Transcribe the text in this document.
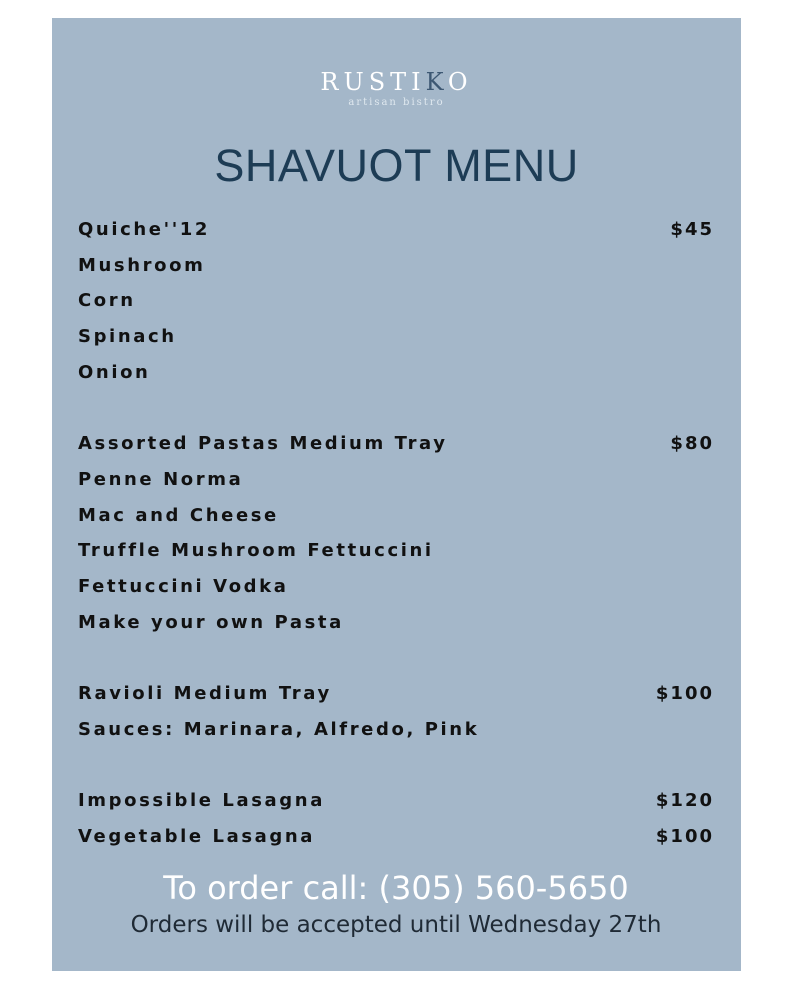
RUSTIKO
artisan bistro
SHAVUOT MENU
Quiche''12	$45
Mushroom
Corn
Spinach
Onion
Assorted Pastas Medium Tray	$80
Penne Norma
Mac and Cheese
Truffle Mushroom Fettuccini
Fettuccini Vodka
Make your own Pasta
Ravioli Medium Tray	$100
Sauces: Marinara, Alfredo, Pink
Impossible Lasagna	$120
Vegetable Lasagna	$100
To order call: (305) 560-5650
Orders will be accepted until Wednesday 27th
